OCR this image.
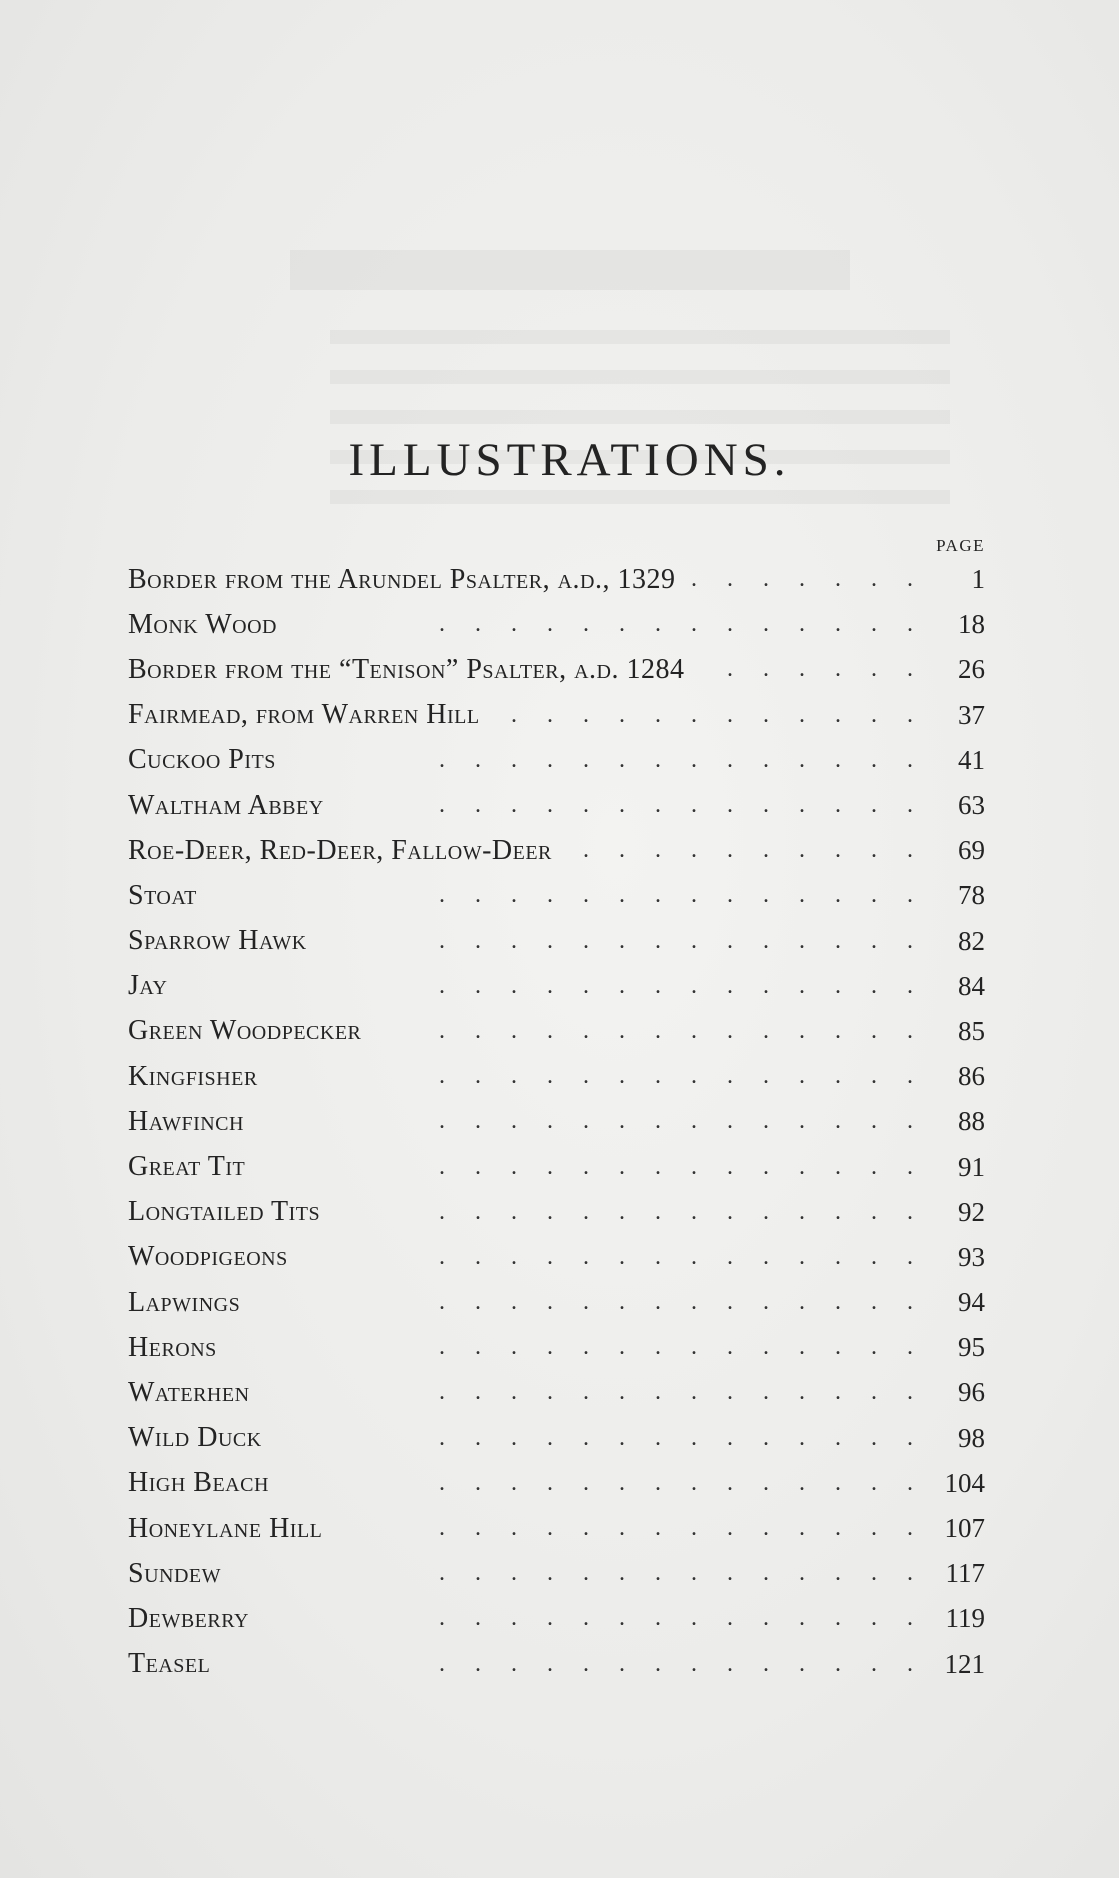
ILLUSTRATIONS.
PAGE
Border from the Arundel Psalter, a.d., 1329 .	1
Monk Wood .	18
Border from the “Tenison” Psalter, a.d. 1284 .	26
Fairmead, from Warren Hill .	37
Cuckoo Pits .	41
Waltham Abbey .	63
Roe-Deer, Red-Deer, Fallow-Deer .	69
Stoat .	78
Sparrow Hawk .	82
Jay .	84
Green Woodpecker .	85
Kingfisher .	86
Hawfinch .	88
Great Tit .	91
Longtailed Tits .	92
Woodpigeons .	93
Lapwings .	94
Herons .	95
Waterhen .	96
Wild Duck .	98
High Beach .	104
Honeylane Hill .	107
Sundew .	117
Dewberry .	119
Teasel .	121
